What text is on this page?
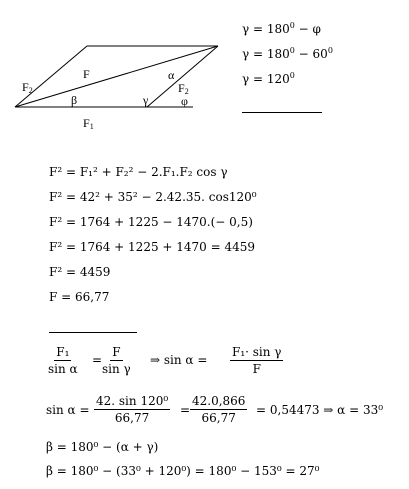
$F_2$
F	α
$F_2$
β	γ	φ
$F_1$
$\gamma = 180^0 - \varphi$
$\gamma = 180^0 - 60^0$
$\gamma = 120^0$
F² = F₁² + F₂² − 2.F₁.F₂ cos γ
F² = 42² + 35² − 2.42.35. cos120⁰
F² = 1764 + 1225 − 1470.(− 0,5)
F² = 1764 + 1225 + 1470 = 4459
F² = 4459
F = 66,77
$\frac{\text{F₁}}{\text{sin α}}$ =
$\frac{F}{\text{sin γ}}$ ⇒ $\sin \alpha = \frac{\text{F₁· sin γ}}{F}$
$\sin \alpha = \frac{\text{42. sin 120⁰}}{66,77} = \frac{42.0,866}{66,77} = 0,54473$ ⇒ α = 33⁰
β = 180⁰ − (α + γ)
β = 180⁰ − (33⁰ + 120⁰) = 180⁰ − 153⁰ = 27⁰
